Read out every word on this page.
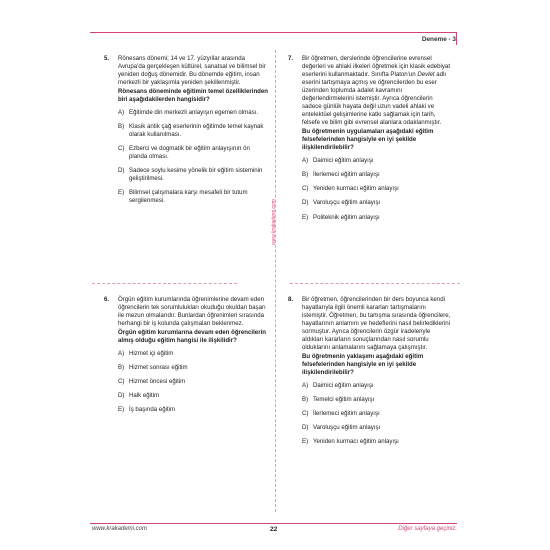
Deneme - 3
www.krakademi.com
5. Rönesans dönemi; 14 ve 17. yüzyıllar arasında Avrupa'da gerçekleşen kültürel, sanatsal ve bilimsel bir yeniden doğuş dönemidir. Bu dönemde eğitim, insan merkezli bir yaklaşımla yeniden şekillenmiştir.

Rönesans döneminde eğitimin temel özelliklerinden biri aşağıdakilerden hangisidir?

A) Eğitimde din merkezli anlayışın egemen olması.
B) Klasik antik çağ eserlerinin eğitimde temel kaynak olarak kullanılması.
C) Ezberci ve dogmatik bir eğitim anlayışının ön planda olması.
D) Sadece soylu kesime yönelik bir eğitim sisteminin geliştirilmesi.
E) Bilimsel çalışmalara karşı mesafeli bir tutum sergilenmesi.
7. Bir öğretmen, derslerinde öğrencilerine evrensel değerleri ve ahlaki ilkeleri öğretmek için klasik edebiyat eserlerini kullanmaktadır. Sınıfta Platon'un Devlet adlı eserini tartışmaya açmış ve öğrencilerden bu eser üzerinden toplumda adalet kavramını değerlendirmelerini istemiştir. Ayrıca öğrencilerin sadece günlük hayata değil uzun vadeli ahlaki ve entelektüel gelişimlerine katkı sağlamak için tarih, felsefe ve bilim gibi evrensel alanlara odaklanmıştır.

Bu öğretmenin uygulamaları aşağıdaki eğitim felsefelerinden hangisiyle en iyi şekilde ilişkilendirilebilir?

A) Daimici eğitim anlayışı
B) İlerlemeci eğitim anlayışı
C) Yeniden kurmacı eğitim anlayışı
D) Varoluşçu eğitim anlayışı
E) Politeknik eğitim anlayışı
6. Örgün eğitim kurumlarında öğrenimlerine devam eden öğrencilerin tek sorumlulukları okuduğu okuldan başarı ile mezun olmalarıdır. Bunlardan öğrenimleri sırasında herhangi bir iş kolunda çalışmaları beklenmez.

Örgün eğitim kurumlarına devam eden öğrencilerin almış olduğu eğitim hangisi ile ilişkilidir?

A) Hizmet içi eğitim
B) Hizmet sonrası eğitim
C) Hizmet öncesi eğitim
D) Halk eğitim
E) İş başında eğitim
8. Bir öğretmen, öğrencilerinden bir ders boyunca kendi hayatlarıyla ilgili önemli kararları tartışmalarını istemiştir. Öğretmen, bu tartışma sırasında öğrencilere, hayatlarının anlamını ve hedeflerini nasıl belirlediklerini sormuştur. Ayrıca öğrencilerin özgür iradeleriyle aldıkları kararların sonuçlarından nasıl sorumlu olduklarını anlamalarını sağlamaya çalışmıştır.

Bu öğretmenin yaklaşımı aşağıdaki eğitim felsefelerinden hangisiyle en iyi şekilde ilişkilendirilebilir?

A) Daimici eğitim anlayışı
B) Temelci eğitim anlayışı
C) İlerlemeci eğitim anlayışı
D) Varoluşçu eğitim anlayışı
E) Yeniden kurmacı eğitim anlayışı
www.krakademi.com	22	Diğer sayfaya geçiniz.
